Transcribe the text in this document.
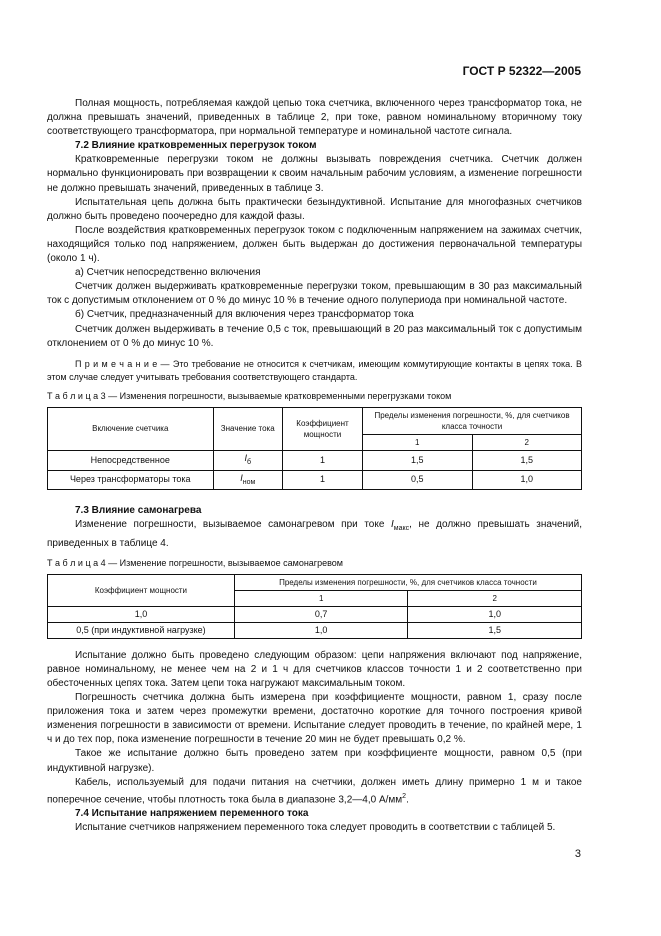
ГОСТ Р 52322—2005

Полная мощность, потребляемая каждой цепью тока счетчика, включенного через трансформатор тока, не должна превышать значений, приведенных в таблице 2, при токе, равном номинальному вторичному току соответствующего трансформатора, при нормальной температуре и номинальной частоте сигнала.

7.2 Влияние кратковременных перегрузок током

Кратковременные перегрузки током не должны вызывать повреждения счетчика. Счетчик должен нормально функционировать при возвращении к своим начальным рабочим условиям, а изменение погрешности не должно превышать значений, приведенных в таблице 3.

Испытательная цепь должна быть практически безындуктивной. Испытание для многофазных счетчиков должно быть проведено поочередно для каждой фазы.

После воздействия кратковременных перегрузок током с подключенным напряжением на зажимах счетчик, находящийся только под напряжением, должен быть выдержан до достижения первоначальной температуры (около 1 ч).

а) Счетчик непосредственно включения

Счетчик должен выдерживать кратковременные перегрузки током, превышающим в 30 раз максимальный ток с допустимым отклонением от 0 % до минус 10 % в течение одного полупериода при номинальной частоте.

б) Счетчик, предназначенный для включения через трансформатор тока

Счетчик должен выдерживать в течение 0,5 с ток, превышающий в 20 раз максимальный ток с допустимым отклонением от 0 % до минус 10 %.

П р и м е ч а н и е — Это требование не относится к счетчикам, имеющим коммутирующие контакты в цепях тока. В этом случае следует учитывать требования соответствующего стандарта.
Т а б л и ц а 3 — Изменения погрешности, вызываемые кратковременными перегрузками током
Включение счетчика	Значение тока	Коэффициент мощности	Пределы изменения погрешности, %, для счетчиков класса точности	
			1	2
Непосредственное	$I_б$	1	1,5	1,5
Через трансформаторы тока	$I_{ном}$	1	0,5	1,0
7.3 Влияние самонагрева

Изменение погрешности, вызываемое самонагревом при токе $I_{макс}$, не должно превышать значений, приведенных в таблице 4.

Т а б л и ц а 4 — Изменение погрешности, вызываемое самонагревом
Коэффициент мощности	Пределы изменения погрешности, %, для счетчиков класса точности	
	1	2
1,0	0,7	1,0
0,5 (при индуктивной нагрузке)	1,0	1,5

Испытание должно быть проведено следующим образом: цепи напряжения включают под напряжение, равное номинальному, не менее чем на 2 и 1 ч для счетчиков классов точности 1 и 2 соответственно при обесточенных цепях тока. Затем цепи тока нагружают максимальным током.

Погрешность счетчика должна быть измерена при коэффициенте мощности, равном 1, сразу после приложения тока и затем через промежутки времени, достаточно короткие для точного построения кривой изменения погрешности в зависимости от времени. Испытание следует проводить в течение, по крайней мере, 1 ч и до тех пор, пока изменение погрешности в течение 20 мин не будет превышать 0,2 %.

Такое же испытание должно быть проведено затем при коэффициенте мощности, равном 0,5 (при индуктивной нагрузке).

Кабель, используемый для подачи питания на счетчики, должен иметь длину примерно 1 м и такое поперечное сечение, чтобы плотность тока была в диапазоне 3,2—4,0 $А/мм^2$.

7.4 Испытание напряжением переменного тока

Испытание счетчиков напряжением переменного тока следует проводить в соответствии с таблицей 5.

3
